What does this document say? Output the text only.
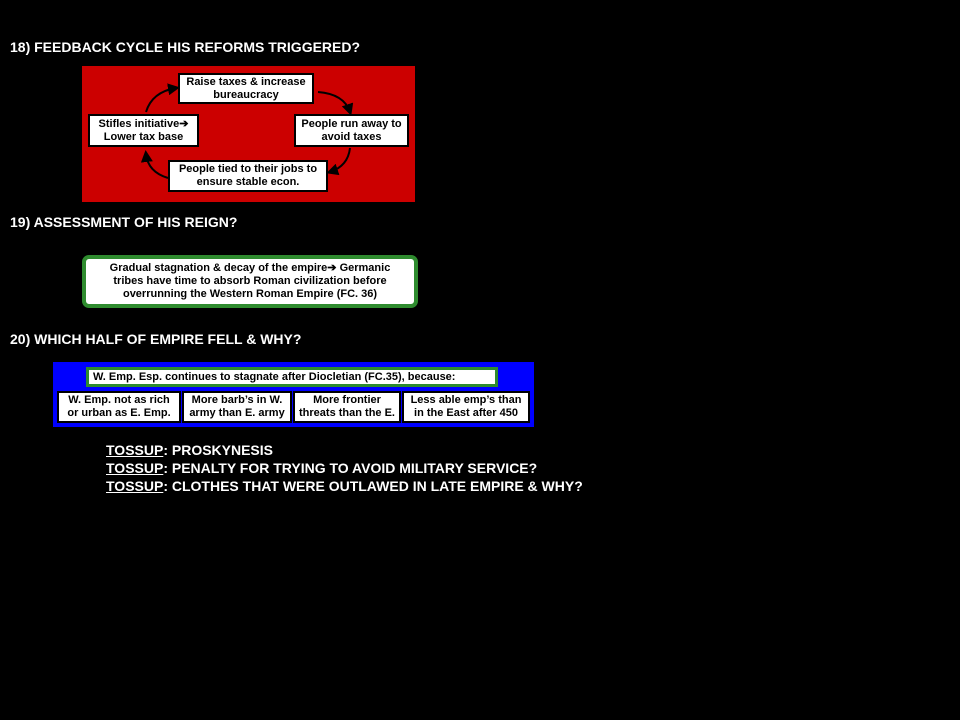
18) FEEDBACK CYCLE HIS REFORMS TRIGGERED?
Raise taxes & increase bureaucracy
People run away to avoid taxes
People tied to their jobs to ensure stable econ.
Stifles initiative➔
Lower tax base
19) ASSESSMENT OF HIS REIGN?
Gradual stagnation & decay of the empire➔ Germanic
tribes have time to absorb Roman civilization before
overrunning the Western Roman Empire (FC. 36)
20) WHICH HALF OF EMPIRE FELL & WHY?
W. Emp. Esp. continues to stagnate after Diocletian (FC.35), because:
W. Emp. not as rich
or urban as E. Emp.
More barb’s in W.
army than E. army
More frontier
threats than the E.
Less able emp’s than
in the East after 450
TOSSUP: PROSKYNESIS
TOSSUP: PENALTY FOR TRYING TO AVOID MILITARY SERVICE?
TOSSUP: CLOTHES THAT WERE OUTLAWED IN LATE EMPIRE & WHY?
